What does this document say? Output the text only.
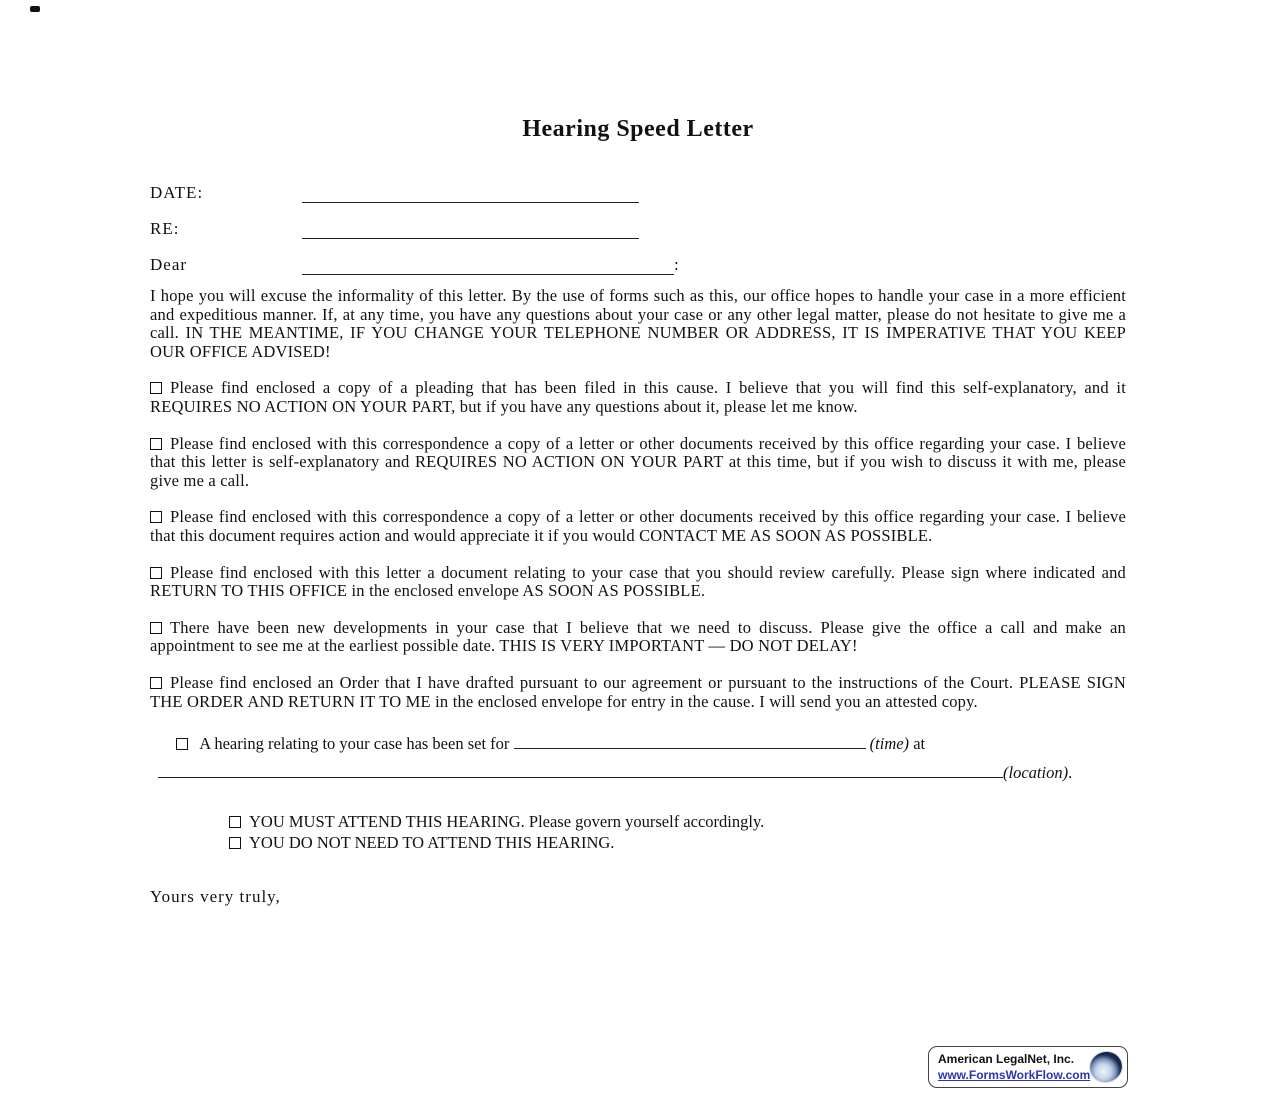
Hearing Speed Letter
DATE:
RE:
Dear	:

I hope you will excuse the informality of this letter. By the use of forms such as this, our office hopes to handle your case in a more efficient and expeditious manner. If, at any time, you have any questions about your case or any other legal matter, please do not hesitate to give me a call. IN THE MEANTIME, IF YOU CHANGE YOUR TELEPHONE NUMBER OR ADDRESS, IT IS IMPERATIVE THAT YOU KEEP OUR OFFICE ADVISED!

Please find enclosed a copy of a pleading that has been filed in this cause. I believe that you will find this self-explanatory, and it REQUIRES NO ACTION ON YOUR PART, but if you have any questions about it, please let me know.

Please find enclosed with this correspondence a copy of a letter or other documents received by this office regarding your case. I believe that this letter is self-explanatory and REQUIRES NO ACTION ON YOUR PART at this time, but if you wish to discuss it with me, please give me a call.

Please find enclosed with this correspondence a copy of a letter or other documents received by this office regarding your case. I believe that this document requires action and would appreciate it if you would CONTACT ME AS SOON AS POSSIBLE.

Please find enclosed with this letter a document relating to your case that you should review carefully. Please sign where indicated and RETURN TO THIS OFFICE in the enclosed envelope AS SOON AS POSSIBLE.

There have been new developments in your case that I believe that we need to discuss. Please give the office a call and make an appointment to see me at the earliest possible date. THIS IS VERY IMPORTANT — DO NOT DELAY!

Please find enclosed an Order that I have drafted pursuant to our agreement or pursuant to the instructions of the Court. PLEASE SIGN THE ORDER AND RETURN IT TO ME in the enclosed envelope for entry in the cause. I will send you an attested copy.

A hearing relating to your case has been set for	(time) at
(location).
YOU MUST ATTEND THIS HEARING. Please govern yourself accordingly.
YOU DO NOT NEED TO ATTEND THIS HEARING.

Yours very truly,

American LegalNet, Inc.
www.FormsWorkFlow.com
